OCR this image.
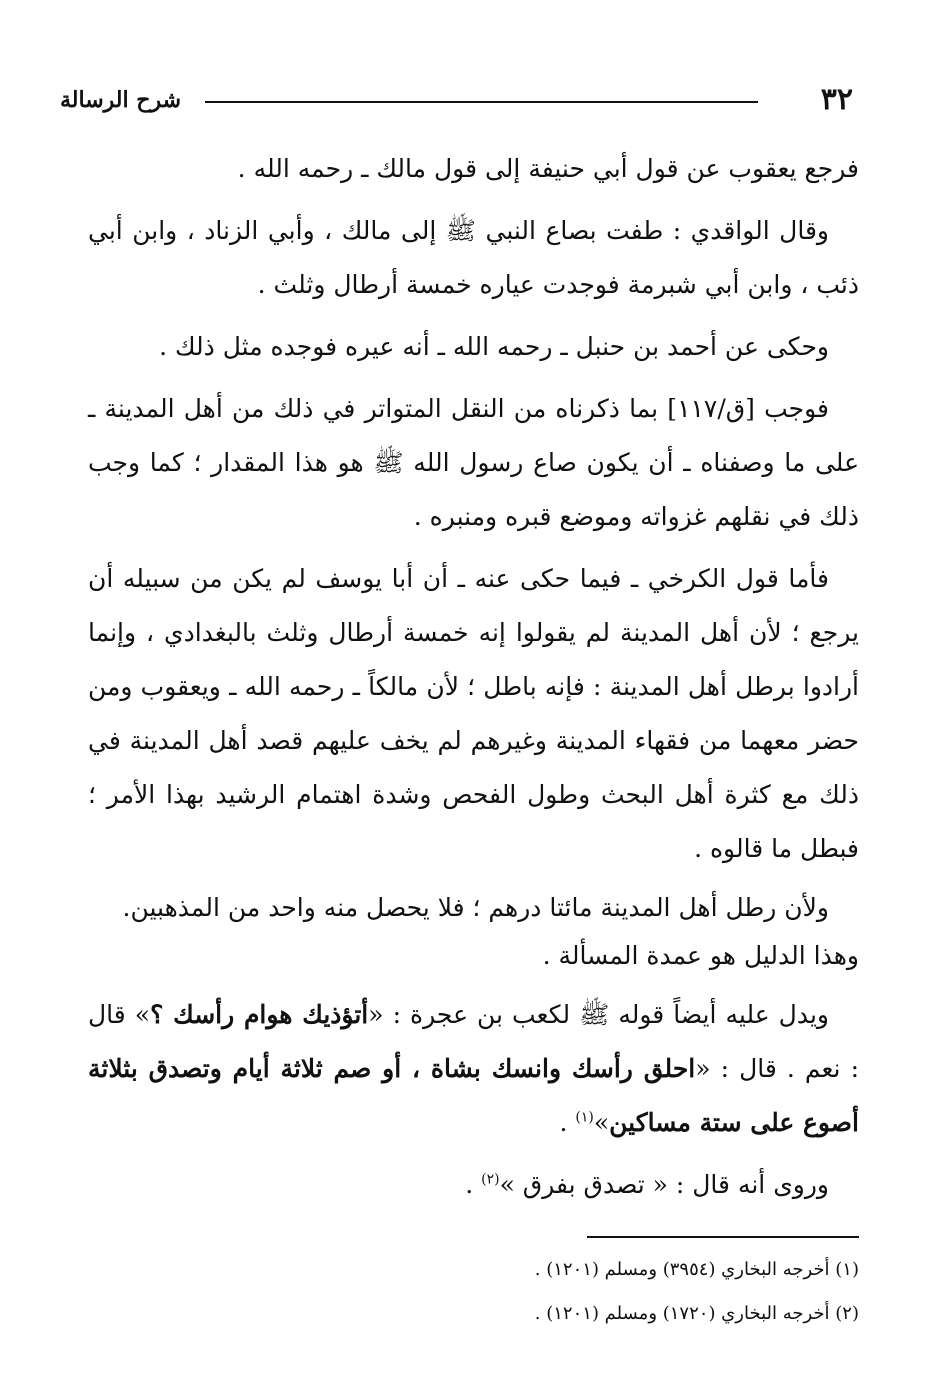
٣٢
شرح الرسالة

فرجع يعقوب عن قول أبي حنيفة إلى قول مالك ـ رحمه الله .

وقال الواقدي : طفت بصاع النبي ﷺ إلى مالك ، وأبي الزناد ، وابن أبي ذئب ، وابن أبي شبرمة فوجدت عياره خمسة أرطال وثلث .

وحكى عن أحمد بن حنبل ـ رحمه الله ـ أنه عيره فوجده مثل ذلك .

فوجب [ق/١١٧] بما ذكرناه من النقل المتواتر في ذلك من أهل المدينة ـ على ما وصفناه ـ أن يكون صاع رسول الله ﷺ هو هذا المقدار ؛ كما وجب ذلك في نقلهم غزواته وموضع قبره ومنبره .

فأما قول الكرخي ـ فيما حكى عنه ـ أن أبا يوسف لم يكن من سبيله أن يرجع ؛ لأن أهل المدينة لم يقولوا إنه خمسة أرطال وثلث بالبغدادي ، وإنما أرادوا برطل أهل المدينة : فإنه باطل ؛ لأن مالكاً ـ رحمه الله ـ ويعقوب ومن حضر معهما من فقهاء المدينة وغيرهم لم يخف عليهم قصد أهل المدينة في ذلك مع كثرة أهل البحث وطول الفحص وشدة اهتمام الرشيد بهذا الأمر ؛ فبطل ما قالوه .

ولأن رطل أهل المدينة مائتا درهم ؛ فلا يحصل منه واحد من المذهبين.
وهذا الدليل هو عمدة المسألة .

ويدل عليه أيضاً قوله ﷺ لكعب بن عجرة : «أتؤذيك هوام رأسك ؟» قال : نعم . قال : «احلق رأسك وانسك بشاة ، أو صم ثلاثة أيام وتصدق بثلاثة أصوع على ستة مساكين»$^{(١)}$ .

وروى أنه قال : « تصدق بفرق »$^{(٢)}$ .

(١) أخرجه البخاري (٣٩٥٤) ومسلم (١٢٠١) .
(٢) أخرجه البخاري (١٧٢٠) ومسلم (١٢٠١) .
